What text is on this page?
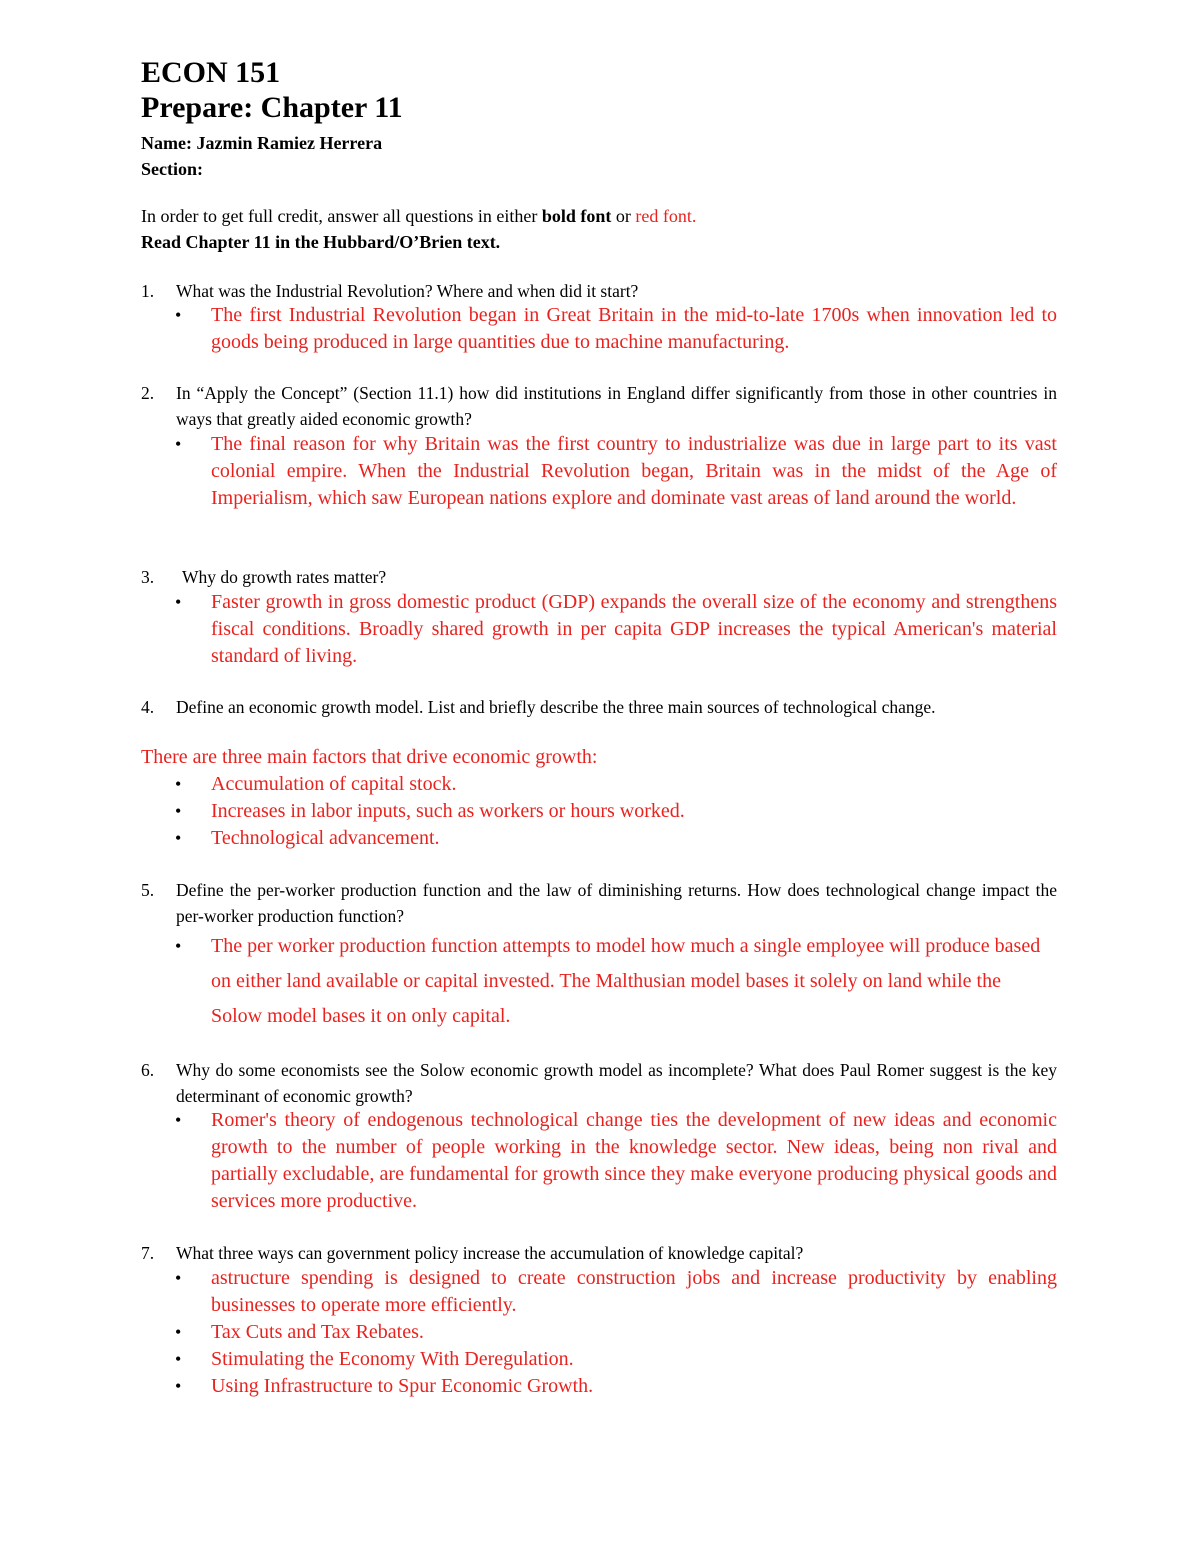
ECON 151
Prepare: Chapter 11
Name: Jazmin Ramiez Herrera
Section:
In order to get full credit, answer all questions in either bold font or red font.
Read Chapter 11 in the Hubbard/O’Brien text.
1. What was the Industrial Revolution? Where and when did it start?
• The first Industrial Revolution began in Great Britain in the mid-to-late 1700s when innovation led to goods being produced in large quantities due to machine manufacturing.
2. In “Apply the Concept” (Section 11.1) how did institutions in England differ significantly from those in other countries in ways that greatly aided economic growth?
• The final reason for why Britain was the first country to industrialize was due in large part to its vast colonial empire. When the Industrial Revolution began, Britain was in the midst of the Age of Imperialism, which saw European nations explore and dominate vast areas of land around the world.
3. Why do growth rates matter?
• Faster growth in gross domestic product (GDP) expands the overall size of the economy and strengthens fiscal conditions. Broadly shared growth in per capita GDP increases the typical American's material standard of living.
4. Define an economic growth model. List and briefly describe the three main sources of technological change.
There are three main factors that drive economic growth:
• Accumulation of capital stock.
• Increases in labor inputs, such as workers or hours worked.
• Technological advancement.
5. Define the per-worker production function and the law of diminishing returns. How does technological change impact the per-worker production function?
• The per worker production function attempts to model how much a single employee will produce based on either land available or capital invested. The Malthusian model bases it solely on land while the Solow model bases it on only capital.
6. Why do some economists see the Solow economic growth model as incomplete? What does Paul Romer suggest is the key determinant of economic growth?
• Romer's theory of endogenous technological change ties the development of new ideas and economic growth to the number of people working in the knowledge sector. New ideas, being non rival and partially excludable, are fundamental for growth since they make everyone producing physical goods and services more productive.
7. What three ways can government policy increase the accumulation of knowledge capital?
• astructure spending is designed to create construction jobs and increase productivity by enabling businesses to operate more efficiently.
• Tax Cuts and Tax Rebates.
• Stimulating the Economy With Deregulation.
• Using Infrastructure to Spur Economic Growth.
